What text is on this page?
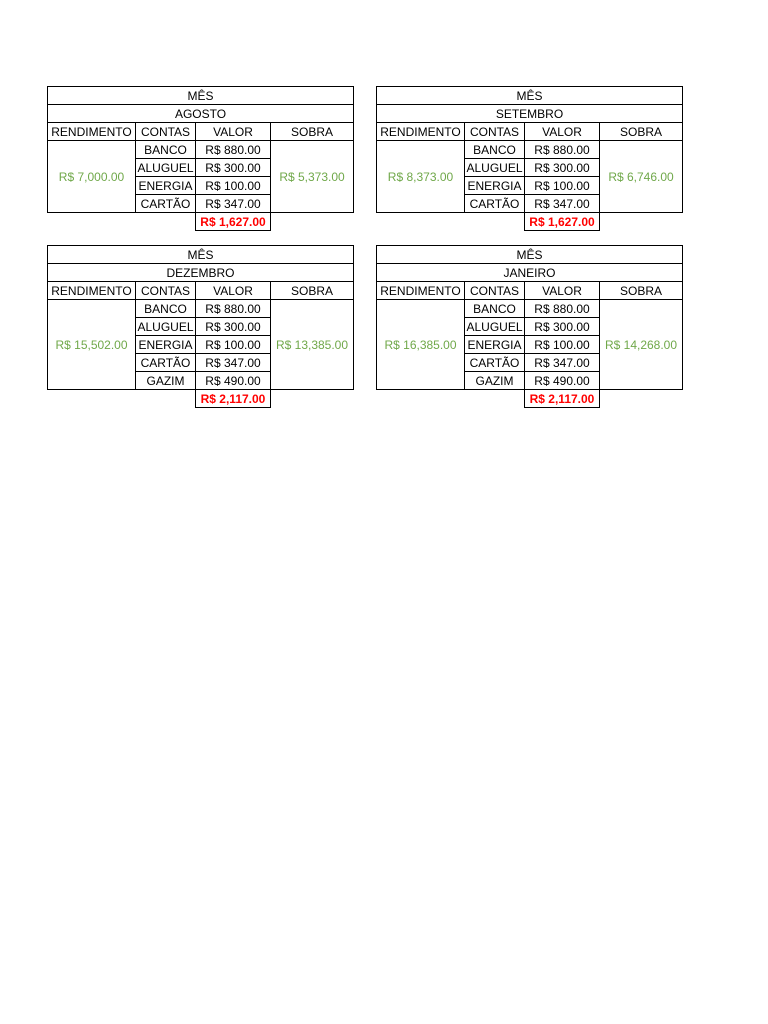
MÊS			
AGOSTO			
RENDIMENTO	CONTAS	VALOR	SOBRA
R$ 7,000.00	BANCO	R$ 880.00	R$ 5,373.00
	ALUGUEL	R$ 300.00	
	ENERGIA	R$ 100.00	
	CARTÃO	R$ 347.00	
		R$ 1,627.00	
MÊS			
SETEMBRO			
RENDIMENTO	CONTAS	VALOR	SOBRA
R$ 8,373.00	BANCO	R$ 880.00	R$ 6,746.00
	ALUGUEL	R$ 300.00	
	ENERGIA	R$ 100.00	
	CARTÃO	R$ 347.00	
		R$ 1,627.00	
MÊS			
DEZEMBRO			
RENDIMENTO	CONTAS	VALOR	SOBRA
R$ 15,502.00	BANCO	R$ 880.00	R$ 13,385.00
	ALUGUEL	R$ 300.00	
	ENERGIA	R$ 100.00	
	CARTÃO	R$ 347.00	
	GAZIM	R$ 490.00	
		R$ 2,117.00	
MÊS			
JANEIRO			
RENDIMENTO	CONTAS	VALOR	SOBRA
R$ 16,385.00	BANCO	R$ 880.00	R$ 14,268.00
	ALUGUEL	R$ 300.00	
	ENERGIA	R$ 100.00	
	CARTÃO	R$ 347.00	
	GAZIM	R$ 490.00	
		R$ 2,117.00	
